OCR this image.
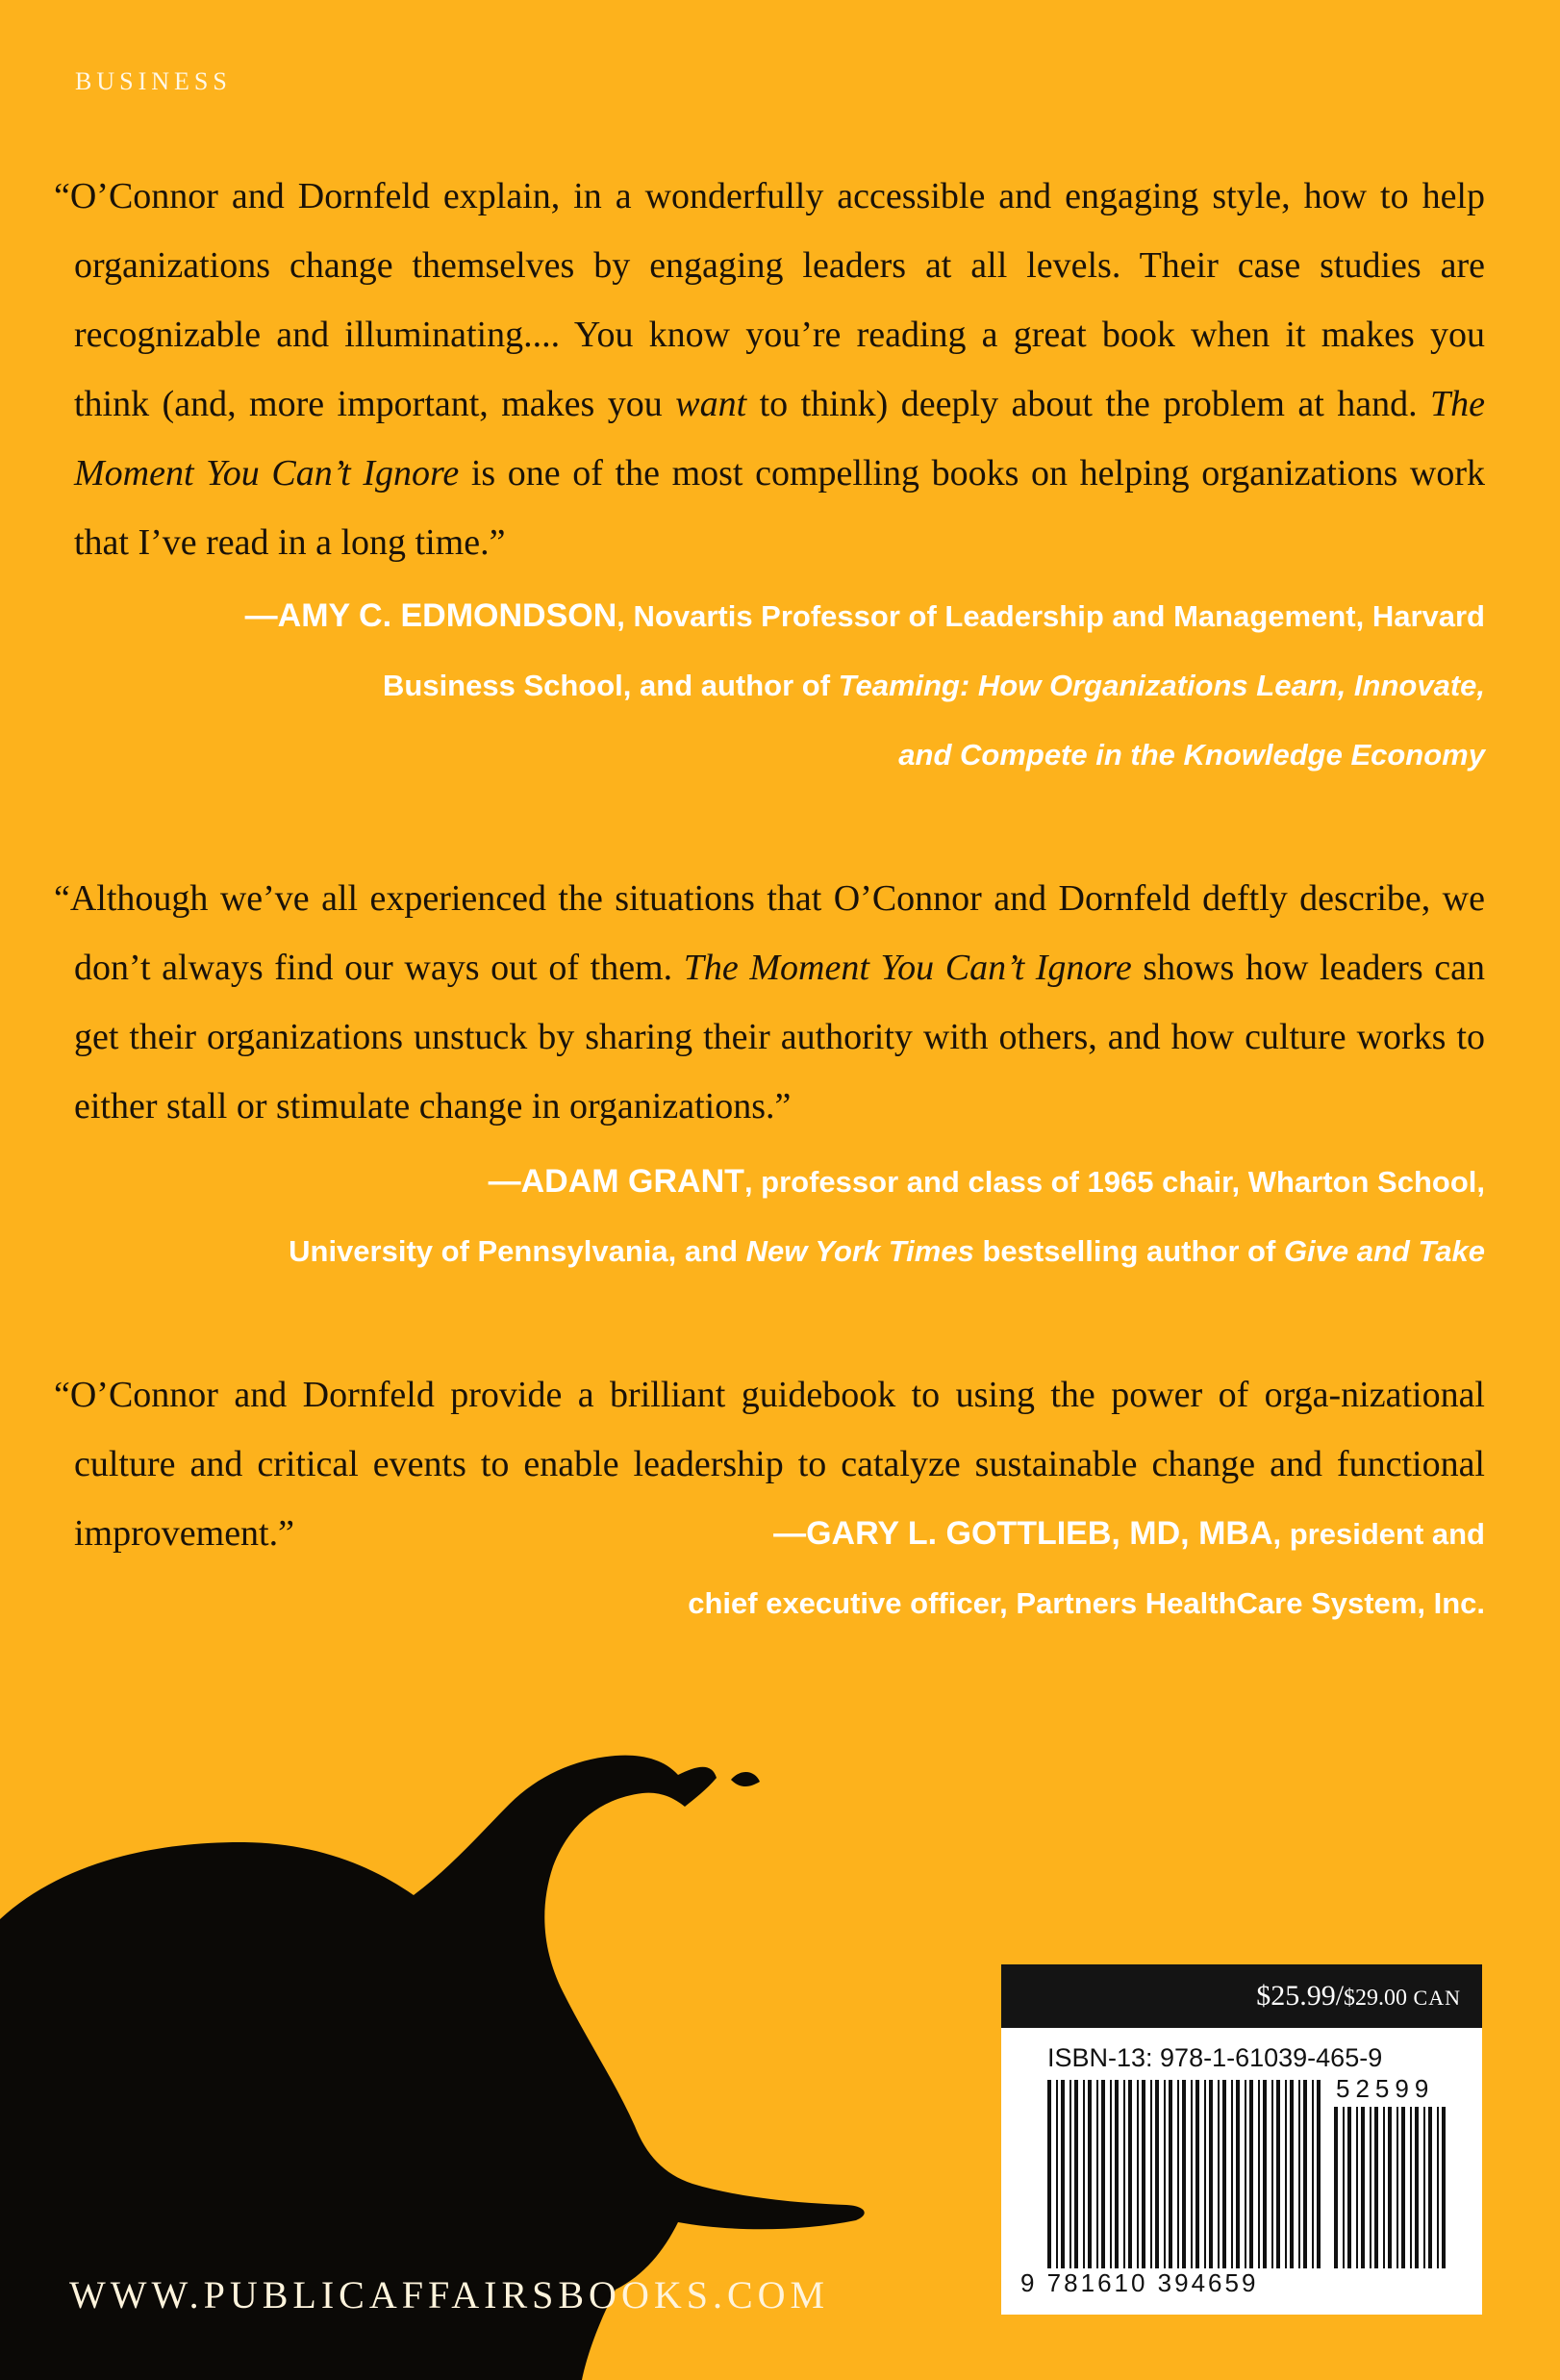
BUSINESS
“O’Connor and Dornfeld explain, in a wonderfully accessible and engaging style, how to help organizations change themselves by engaging leaders at all levels. Their case studies are recognizable and illuminating.... You know you’re reading a great book when it makes you think (and, more important, makes you want to think) deeply about the problem at hand. The Moment You Can’t Ignore is one of the most compelling books on helping organizations work that I’ve read in a long time.”
—AMY C. EDMONDSON, Novartis Professor of Leadership and Management, Harvard
Business School, and author of Teaming: How Organizations Learn, Innovate,
and Compete in the Knowledge Economy
“Although we’ve all experienced the situations that O’Connor and Dornfeld deftly describe, we don’t always find our ways out of them. The Moment You Can’t Ignore shows how leaders can get their organizations unstuck by sharing their authority with others, and how culture works to either stall or stimulate change in organizations.”
—ADAM GRANT, professor and class of 1965 chair, Wharton School,
University of Pennsylvania, and New York Times bestselling author of Give and Take
“O’Connor and Dornfeld provide a brilliant guidebook to using the power of orga-nizational culture and critical events to enable leadership to catalyze sustainable change and functional improvement.”	—GARY L. GOTTLIEB, MD, MBA, president and
chief executive officer, Partners HealthCare System, Inc.
WWW.PUBLICAFFAIRSBOOKS.COM
$25.99/$29.00 CAN
ISBN-13: 978-1-61039-465-9
52599
9 781610 394659
